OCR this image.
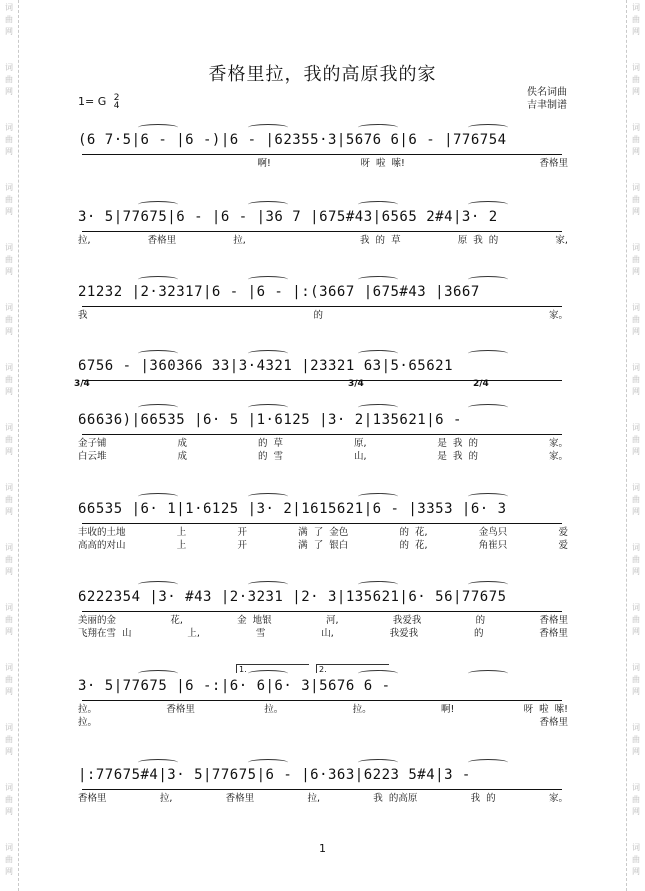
词
曲
网
词
曲
网
词
曲
网
词
曲
网
词
曲
网
词
曲
网
词
曲
网
词
曲
网
词
曲
网
词
曲
网
词
曲
网
词
曲
网
词
曲
网
词
曲
网
词
曲
网
词
曲
网
词
曲
网
词
曲
网
词
曲
网
词
曲
网
词
曲
网
词
曲
网
词
曲
网
词
曲
网
词
曲
网
词
曲
网
词
曲
网
词
曲
网
词
曲
网
词
曲
网
香格里拉，我的高原我的家
佚名词曲
吉聿制谱
1= G 2
4
(6 7·5|6 - |6 -)|6 - |62355·3|5676 6|6 - |776754
啊!	呀  啦  嗦!	香格里
3· 5|77675|6 - |6 - |36 7 |675#43|6565 2#4|3· 2
拉,	香格里	拉,	我  的  草	原  我  的	家,
21232 |2·32317|6 - |6 - |:(3667 |675#43 |3667
我	的	家。
6756 - |360366 33|3·4321 |23321 63|5·65621
3/4	3/4	2/4
66636)|66535 |6· 5 |1·6125 |3· 2|135621|6 -
金子铺	成	的  草	原,	是  我  的	家。
白云堆	成	的  雪	山,	是  我  的	家。
66535 |6· 1|1·6125 |3· 2|1615621|6 - |3353 |6· 3
丰收的土地	上	开	满  了  金色	的  花,	金鸟只	爱
高高的对山	上	开	满  了  银白	的  花,	角崔只	爱
6222354 |3· #43 |2·3231 |2· 3|135621|6· 56|77675
美丽的金	花,	金  地银	河,	我爱我	的	香格里
飞翔在雪  山	上,	雪	山,	我爱我	的	香格里
3· 5|77675 |6 -:|6· 6|6· 3|5676 6 -
拉。	香格里	拉。	拉。	啊!	呀  啦  嗦!
拉。	香格里
1.	2.
|:77675#4|3· 5|77675|6 - |6·363|6223 5#4|3 -
香格里	拉,	香格里	拉,	我  的高原	我  的	家。
1
